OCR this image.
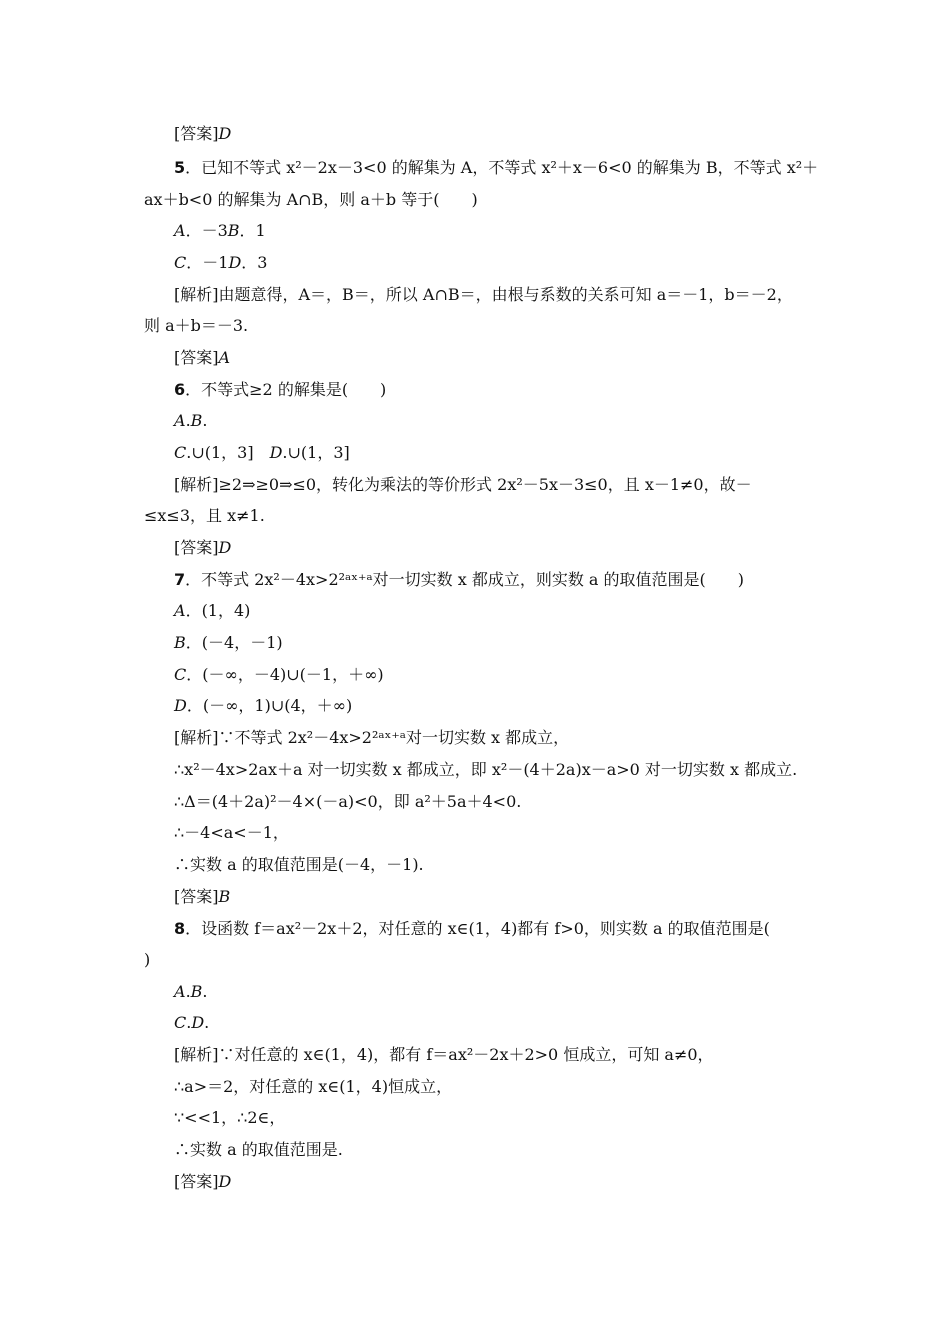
[答案]D
5．已知不等式 x²－2x－3<0 的解集为 A，不等式 x²＋x－6<0 的解集为 B，不等式 x²＋
ax＋b<0 的解集为 A∩B，则 a＋b 等于(　　)
A．－3B．1
C．－1D．3
[解析]由题意得，A＝，B＝，所以 A∩B＝，由根与系数的关系可知 a＝－1，b＝－2，
则 a＋b＝－3.
[答案]A
6．不等式≥2 的解集是(　　)
A.B.
C.∪(1，3]　D.∪(1，3]
[解析]≥2⇒≥0⇒≤0，转化为乘法的等价形式 2x²－5x－3≤0，且 x－1≠0，故－
≤x≤3，且 x≠1.
[答案]D
7．不等式 2x²－4x>2²ᵃˣ⁺ᵃ对一切实数 x 都成立，则实数 a 的取值范围是(　　)
A．(1，4)
B．(－4，－1)
C．(－∞，－4)∪(－1，＋∞)
D．(－∞，1)∪(4，＋∞)
[解析]∵不等式 2x²－4x>2²ᵃˣ⁺ᵃ对一切实数 x 都成立，
∴x²－4x>2ax＋a 对一切实数 x 都成立，即 x²－(4＋2a)x－a>0 对一切实数 x 都成立.
∴Δ＝(4＋2a)²－4×(－a)<0，即 a²＋5a＋4<0.
∴－4<a<－1，
∴实数 a 的取值范围是(－4，－1).
[答案]B
8．设函数 f＝ax²－2x＋2，对任意的 x∈(1，4)都有 f>0，则实数 a 的取值范围是(
)
A.B.
C.D.
[解析]∵对任意的 x∈(1，4)，都有 f＝ax²－2x＋2>0 恒成立，可知 a≠0，
∴a>＝2，对任意的 x∈(1，4)恒成立，
∵<<1，∴2∈，
∴实数 a 的取值范围是.
[答案]D
